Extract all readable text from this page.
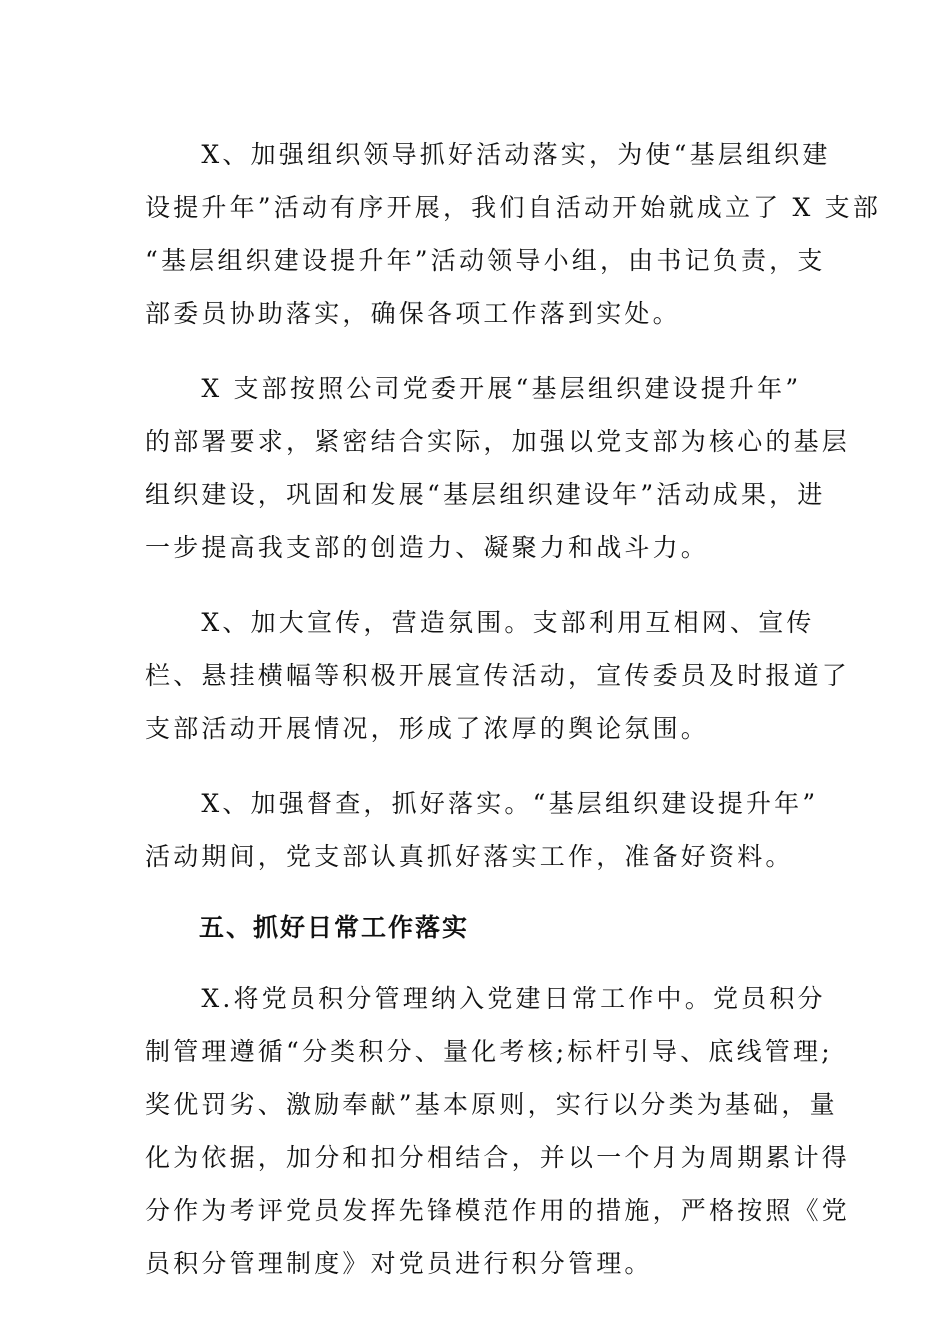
　　X、加强组织领导抓好活动落实，为使“基层组织建
设提升年”活动有序开展，我们自活动开始就成立了 X 支部
“基层组织建设提升年”活动领导小组，由书记负责，支
部委员协助落实，确保各项工作落到实处。
　　X 支部按照公司党委开展“基层组织建设提升年”
的部署要求，紧密结合实际，加强以党支部为核心的基层
组织建设，巩固和发展“基层组织建设年”活动成果，进
一步提高我支部的创造力、凝聚力和战斗力。
　　X、加大宣传，营造氛围。支部利用互相网、宣传
栏、悬挂横幅等积极开展宣传活动，宣传委员及时报道了
支部活动开展情况，形成了浓厚的舆论氛围。
　　X、加强督查，抓好落实。“基层组织建设提升年”
活动期间，党支部认真抓好落实工作，准备好资料。
　　五、抓好日常工作落实
　　X.将党员积分管理纳入党建日常工作中。党员积分
制管理遵循“分类积分、量化考核;标杆引导、底线管理;
奖优罚劣、激励奉献”基本原则，实行以分类为基础，量
化为依据，加分和扣分相结合，并以一个月为周期累计得
分作为考评党员发挥先锋模范作用的措施，严格按照《党
员积分管理制度》对党员进行积分管理。
